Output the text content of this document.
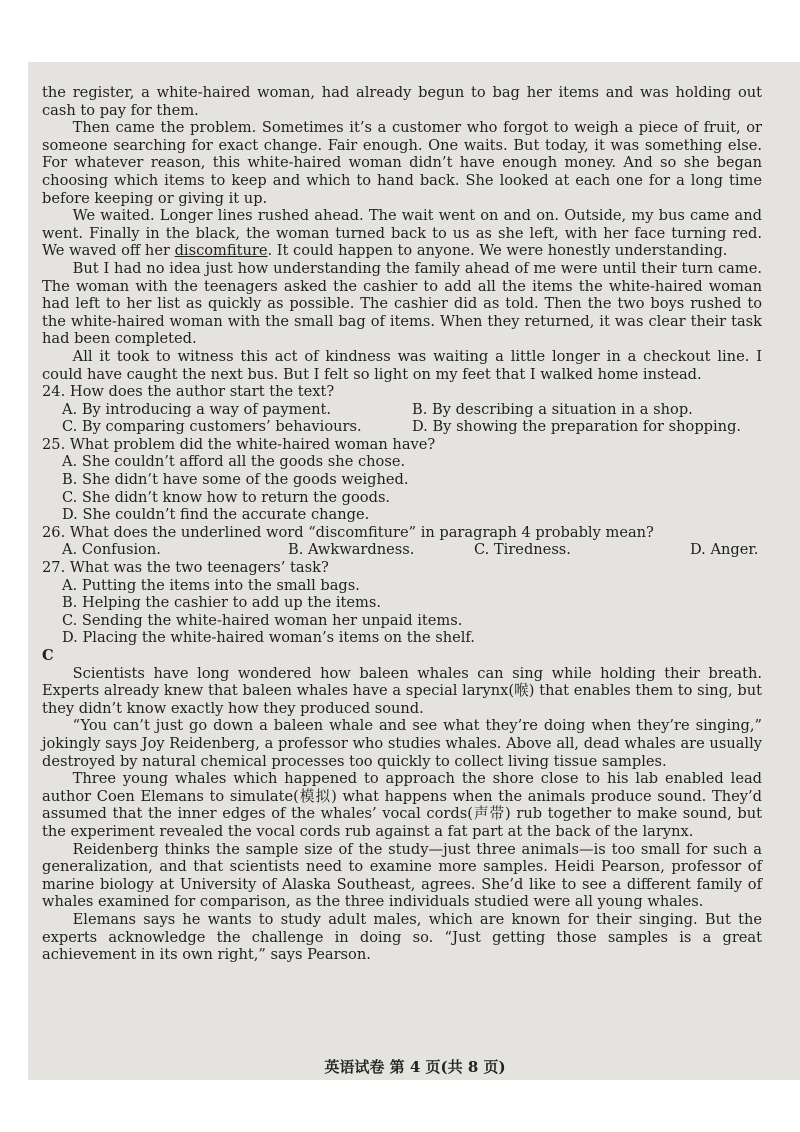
the register, a white-haired woman, had already begun to bag her items and was holding out cash to pay for them.

Then came the problem. Sometimes it’s a customer who forgot to weigh a piece of fruit, or someone searching for exact change. Fair enough. One waits. But today, it was something else. For whatever reason, this white-haired woman didn’t have enough money. And so she began choosing which items to keep and which to hand back. She looked at each one for a long time before keeping or giving it up.

We waited. Longer lines rushed ahead. The wait went on and on. Outside, my bus came and went. Finally in the black, the woman turned back to us as she left, with her face turning red. We waved off her discomfiture. It could happen to anyone. We were honestly understanding.

But I had no idea just how understanding the family ahead of me were until their turn came. The woman with the teenagers asked the cashier to add all the items the white-haired woman had left to her list as quickly as possible. The cashier did as told. Then the two boys rushed to the white-haired woman with the small bag of items. When they returned, it was clear their task had been completed.

All it took to witness this act of kindness was waiting a little longer in a checkout line. I could have caught the next bus. But I felt so light on my feet that I walked home instead.

24. How does the author start the text?

A. By introducing a way of payment.	B. By describing a situation in a shop.
C. By comparing customers’ behaviours.	D. By showing the preparation for shopping.

25. What problem did the white-haired woman have?

A. She couldn’t afford all the goods she chose.
B. She didn’t have some of the goods weighed.
C. She didn’t know how to return the goods.
D. She couldn’t find the accurate change.

26. What does the underlined word “discomfiture” in paragraph 4 probably mean?

A. Confusion.	B. Awkwardness.	C. Tiredness.	D. Anger.

27. What was the two teenagers’ task?

A. Putting the items into the small bags.
B. Helping the cashier to add up the items.
C. Sending the white-haired woman her unpaid items.
D. Placing the white-haired woman’s items on the shelf.

C

Scientists have long wondered how baleen whales can sing while holding their breath. Experts already knew that baleen whales have a special larynx(喉) that enables them to sing, but they didn’t know exactly how they produced sound.

“You can’t just go down a baleen whale and see what they’re doing when they’re singing,” jokingly says Joy Reidenberg, a professor who studies whales. Above all, dead whales are usually destroyed by natural chemical processes too quickly to collect living tissue samples.

Three young whales which happened to approach the shore close to his lab enabled lead author Coen Elemans to simulate(模拟) what happens when the animals produce sound. They’d assumed that the inner edges of the whales’ vocal cords(声带) rub together to make sound, but the experiment revealed the vocal cords rub against a fat part at the back of the larynx.

Reidenberg thinks the sample size of the study—just three animals—is too small for such a generalization, and that scientists need to examine more samples. Heidi Pearson, professor of marine biology at University of Alaska Southeast, agrees. She’d like to see a different family of whales examined for comparison, as the three individuals studied were all young whales.

Elemans says he wants to study adult males, which are known for their singing. But the experts acknowledge the challenge in doing so. “Just getting those samples is a great achievement in its own right,” says Pearson.

英语试卷 第 4 页(共 8 页)
